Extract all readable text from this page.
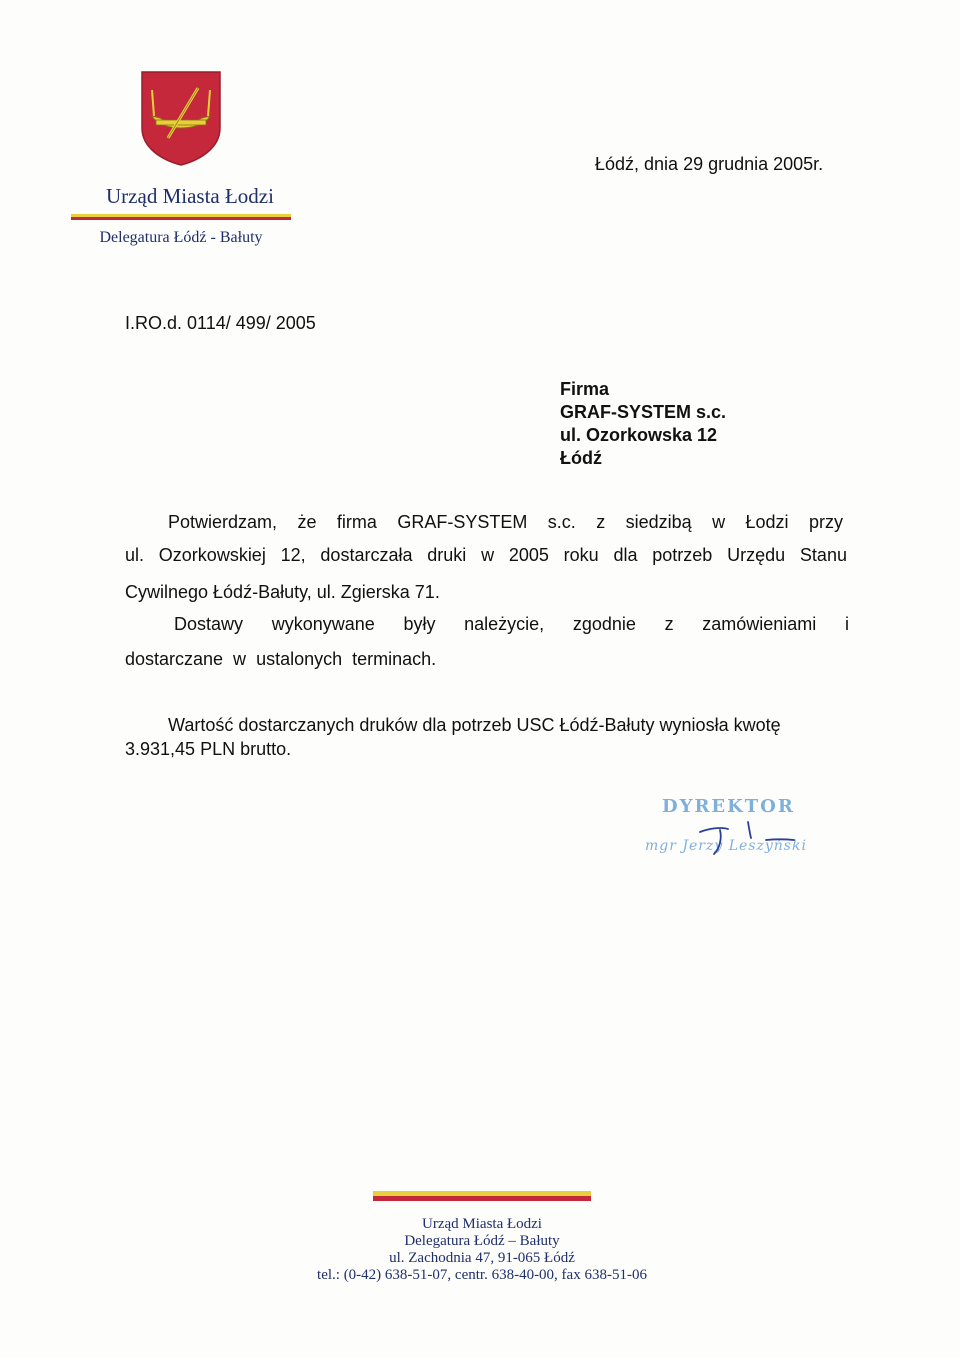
Urząd Miasta Łodzi
Delegatura Łódź - Bałuty
Łódź, dnia 29 grudnia 2005r.
I.RO.d. 0114/ 499/ 2005
Firma
GRAF-SYSTEM s.c.
ul. Ozorkowska 12
Łódź
Potwierdzam, że firma GRAF-SYSTEM s.c. z siedzibą w Łodzi przy
ul. Ozorkowskiej 12, dostarczała druki w 2005 roku dla potrzeb Urzędu Stanu
Cywilnego Łódź-Bałuty, ul. Zgierska 71.
Dostawy wykonywane były należycie, zgodnie z zamówieniami i
dostarczane  w  ustalonych  terminach.
Wartość dostarczanych druków dla potrzeb USC Łódź-Bałuty wyniosła kwotę
3.931,45 PLN brutto.
DYREKTOR
mgr Jerzy Leszyński
Urząd Miasta Łodzi
Delegatura Łódź – Bałuty
ul. Zachodnia 47, 91-065 Łódź
tel.: (0-42) 638-51-07, centr. 638-40-00, fax 638-51-06
